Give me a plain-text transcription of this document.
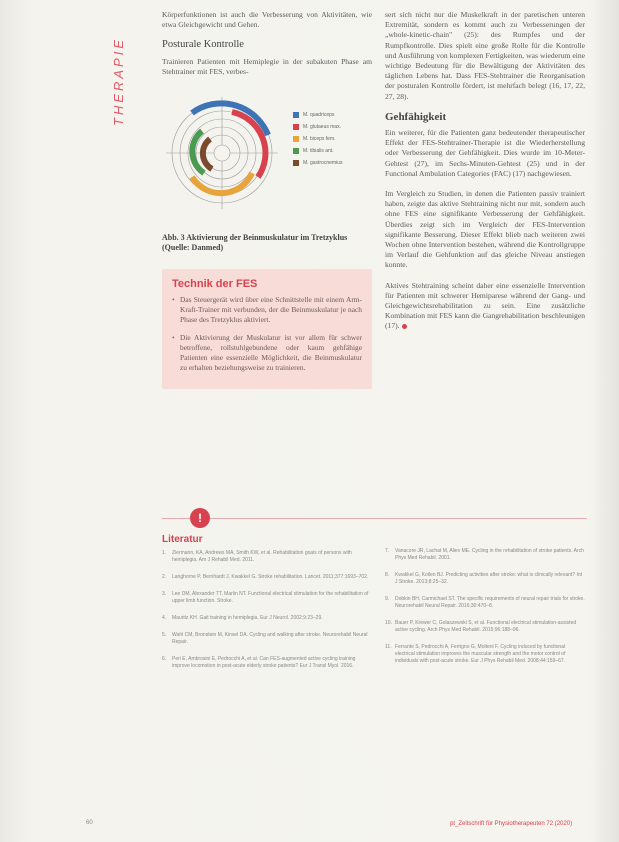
THERAPIE

Körperfunktionen ist auch die Verbesserung von Aktivitäten, wie etwa Gleichgewicht und Gehen.

Posturale Kontrolle

Trainieren Patienten mit Hemiplegie in der subakuten Phase am Stehtrainer mit FES, verbes-

M. quadriceps
M. glutaeus max.
M. biceps fem.
M. tibialis ant.
M. gastrocnemius
Abb. 3 Aktivierung der Beinmuskulatur im Tretzyklus (Quelle: Danmed)
Technik der FES
• Das Steuergerät wird über eine Schnittstelle mit einem Arm-Kraft-Trainer mit verbunden, der die Beinmuskulatur je nach Phase des Tretzyklus aktiviert.
• Die Aktivierung der Muskulatur ist vor allem für schwer betroffene, rollstuhlgebundene oder kaum gehfähige Patienten eine essenzielle Möglichkeit, die Beinmuskulatur zu erhalten beziehungsweise zu trainieren.

sert sich nicht nur die Muskelkraft in der paretischen unteren Extremität, sondern es kommt auch zu Verbesserungen der „whole-kinetic-chain" (25): des Rumpfes und der Rumpfkontrolle. Dies spielt eine große Rolle für die Kontrolle und Ausführung von komplexen Fertigkeiten, was wiederum eine wichtige Bedeutung für die Bewältigung der Aktivitäten des täglichen Lebens hat. Dass FES-Stehtrainer die Reorganisation der posturalen Kontrolle fördert, ist mehrfach belegt (16, 17, 22, 27, 28).

Gehfähigkeit

Ein weiterer, für die Patienten ganz bedeutender therapeutischer Effekt der FES-Stehtrainer-Therapie ist die Wiederherstellung oder Verbesserung der Gehfähigkeit. Dies wurde im 10-Meter-Gehtest (27), im Sechs-Minuten-Gehtest (25) und in der Functional Ambulation Categories (FAC) (17) nachgewiesen.

Im Vergleich zu Studien, in denen die Patienten passiv trainiert haben, zeigte das aktive Stehtraining nicht nur mit, sondern auch ohne FES eine signifikante Verbesserung der Gehfähigkeit. Überdies zeigt sich im Vergleich der FES-Intervention signifikante Besserung. Dieser Effekt blieb nach weiteren zwei Wochen ohne Intervention bestehen, während die Kontrollgruppe im Verlauf die Gehfunktion auf das gleiche Niveau anstiegen konnte.

Aktives Stehtraining scheint daher eine essenzielle Intervention für Patienten mit schwerer Hemiparese während der Gang- und Gleichgewichtsrehabilitation zu sein. Eine zusätzliche Kombination mit FES kann die Gangrehabilitation beschleunigen (17).

!
Literatur
1.	Ziermann, KA, Andrews MA, Smith KW, et al. Rehabilitation goals of persons with hemiplegia. Am J Rehabil Med. 2011.
2.	Langhorne P, Bernhardt J, Kwakkel G. Stroke rehabilitation. Lancet. 2011;377:1693–702.
3.	Lee DM, Alexander TT, Marlin NT. Functional electrical stimulation for the rehabilitation of upper limb function. Stroke.
4.	Mauritz KH. Gait training in hemiplegia. Eur J Neurol. 2002;9:23–29.
5.	Wahl CM, Bronstein M, Kinsel DA. Cycling and walking after stroke. Neurorehabil Neural Repair.
6.	Peri E, Ambrosini E, Pedrocchi A, et al. Can FES-augmented active cycling training improve locomotion in post-acute elderly stroke patients? Eur J Transl Myol. 2016.
7.	Vanacore JR, Lachat M, Aliev ME. Cycling in the rehabilitation of stroke patients. Arch Phys Med Rehabil. 2001.
8.	Kwakkel G, Kollen BJ. Predicting activities after stroke: what is clinically relevant? Int J Stroke. 2013;8:25–32.
9.	Dobkin BH, Carmichael ST. The specific requirements of neural repair trials for stroke. Neurorehabil Neural Repair. 2016;30:470–8.
10. Bauer P, Krewer C, Golaszewski S, et al. Functional electrical stimulation-assisted active cycling. Arch Phys Med Rehabil. 2015;96:188–96.
11. Ferrante S, Pedrocchi A, Ferrigno G, Molteni F. Cycling induced by functional electrical stimulation improves the muscular strength and the motor control of individuals with post-acute stroke. Eur J Phys Rehabil Med. 2008;44:159–67.
60	pt_Zeitschrift für Physiotherapeuten 72 (2020)
